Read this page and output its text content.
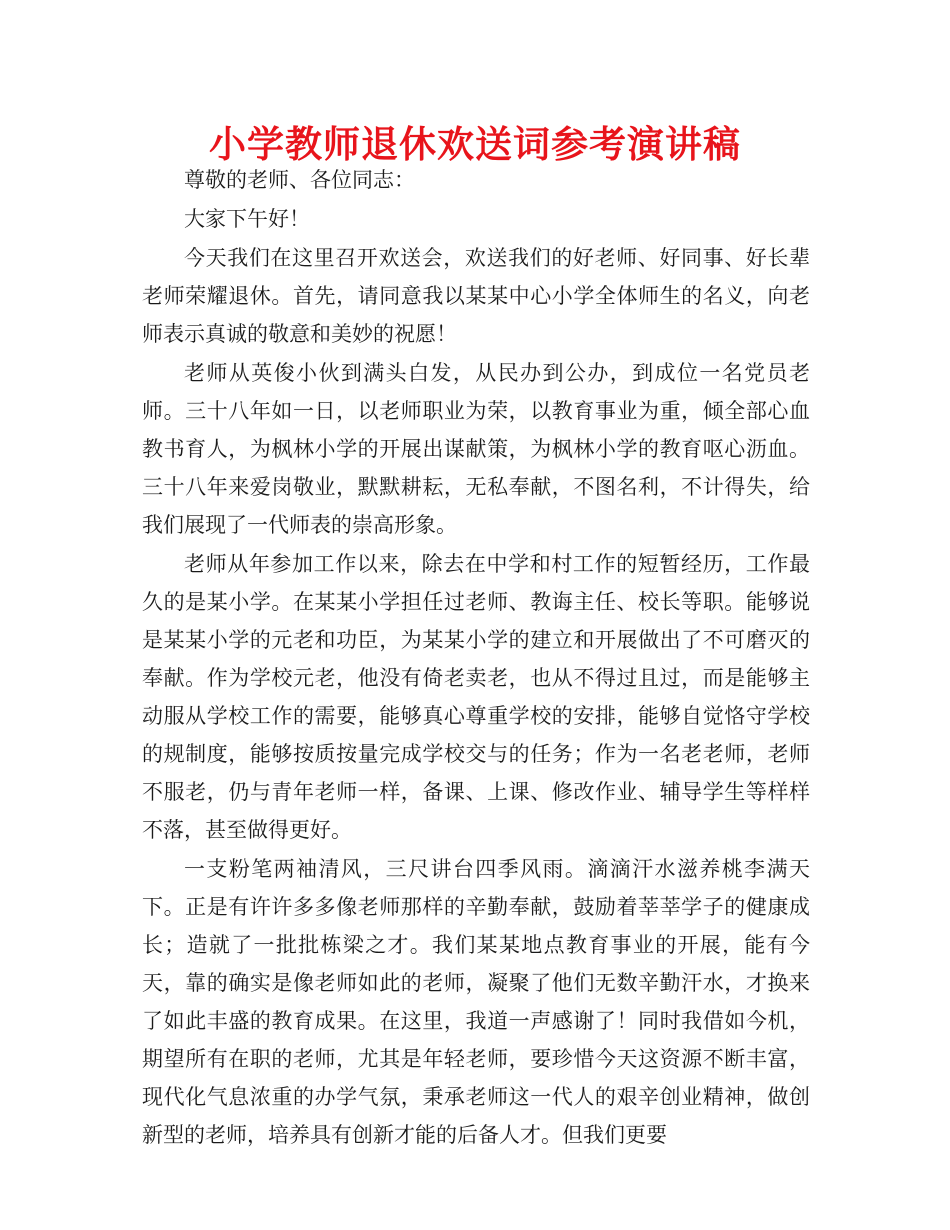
小学教师退休欢送词参考演讲稿

尊敬的老师、各位同志：

大家下午好！

今天我们在这里召开欢送会，欢送我们的好老师、好同事、好长辈老师荣耀退休。首先，请同意我以某某中心小学全体师生的名义，向老师表示真诚的敬意和美妙的祝愿！

老师从英俊小伙到满头白发，从民办到公办，到成位一名党员老师。三十八年如一日，以老师职业为荣，以教育事业为重，倾全部心血教书育人，为枫林小学的开展出谋献策，为枫林小学的教育呕心沥血。三十八年来爱岗敬业，默默耕耘，无私奉献，不图名利，不计得失，给我们展现了一代师表的崇高形象。

老师从年参加工作以来，除去在中学和村工作的短暂经历，工作最久的是某小学。在某某小学担任过老师、教诲主任、校长等职。能够说是某某小学的元老和功臣，为某某小学的建立和开展做出了不可磨灭的奉献。作为学校元老，他没有倚老卖老，也从不得过且过，而是能够主动服从学校工作的需要，能够真心尊重学校的安排，能够自觉恪守学校的规制度，能够按质按量完成学校交与的任务；作为一名老老师，老师不服老，仍与青年老师一样，备课、上课、修改作业、辅导学生等样样不落，甚至做得更好。

一支粉笔两袖清风，三尺讲台四季风雨。滴滴汗水滋养桃李满天下。正是有许许多多像老师那样的辛勤奉献，鼓励着莘莘学子的健康成长；造就了一批批栋梁之才。我们某某地点教育事业的开展，能有今天，靠的确实是像老师如此的老师，凝聚了他们无数辛勤汗水，才换来了如此丰盛的教育成果。在这里，我道一声感谢了！同时我借如今机，期望所有在职的老师，尤其是年轻老师，要珍惜今天这资源不断丰富，现代化气息浓重的办学气氛，秉承老师这一代人的艰辛创业精神，做创新型的老师，培养具有创新才能的后备人才。但我们更要
